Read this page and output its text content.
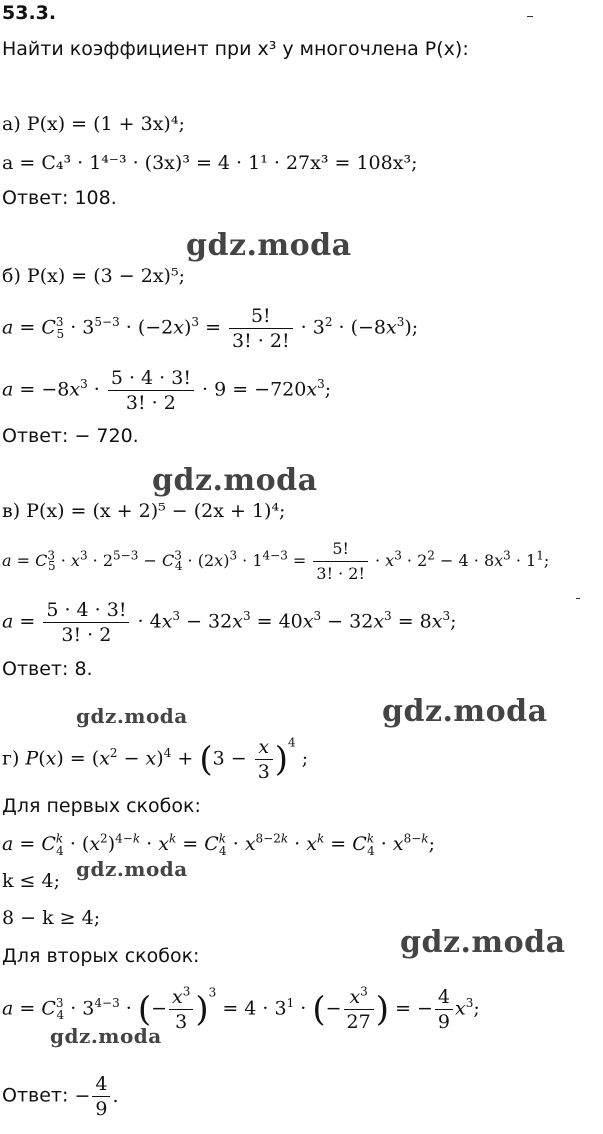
53.3.
Найти коэффициент при x³ у многочлена P(x):
а) P(x) = (1 + 3x)⁴;
a = C₄³ · 1⁴⁻³ · (3x)³ = 4 · 1¹ · 27x³ = 108x³;
Ответ: 108.
gdz.moda
б) P(x) = (3 − 2x)⁵;
$a = C^3_5 \cdot 3^{5-3} \cdot (-2x)^3 = \frac{5!}{3! \cdot 2!} \cdot 3^2 \cdot (-8x^3)$;
$a = -8x^3 \cdot \frac{5 \cdot 4 \cdot 3!}{3! \cdot 2} \cdot 9 = -720x^3$;
Ответ: − 720.
gdz.moda
в) P(x) = (x + 2)⁵ − (2x + 1)⁴;
$a = C^3_5 \cdot x^3 \cdot 2^{5-3} - C^3_4 \cdot (2x)^3 \cdot 1^{4-3} = \frac{5!}{3! \cdot 2!} \cdot x^3 \cdot 2^2 - 4 \cdot 8x^3 \cdot 1^1$;
$a = \frac{5 \cdot 4 \cdot 3!}{3! \cdot 2} \cdot 4x^3 - 32x^3 = 40x^3 - 32x^3 = 8x^3$;
Ответ: 8.
gdz.moda	gdz.moda
г) $P(x) = (x^2 - x)^4 + (3 - \frac{x}{3} )^4$ ;
Для первых скобок:
$a = C^k_4 \cdot (x^2)^{4-k} \cdot x^k = C^k_4 \cdot x^{8-2k} \cdot x^k = C^k_4 \cdot x^{8-k}$;
k ≤ 4; gdz.moda
8 − k ≥ 4;
Для вторых скобок:	gdz.moda
$a = C^3_4 \cdot 3^{4-3}$ · (− $\frac{x^3}{3} )^3 = 4 \cdot 3^1$ · (− $\frac{x^3}{27}$ ) = − $\frac{4}{9} x^3$;
gdz.moda
Ответ: − $\frac{4}{9}$ .
